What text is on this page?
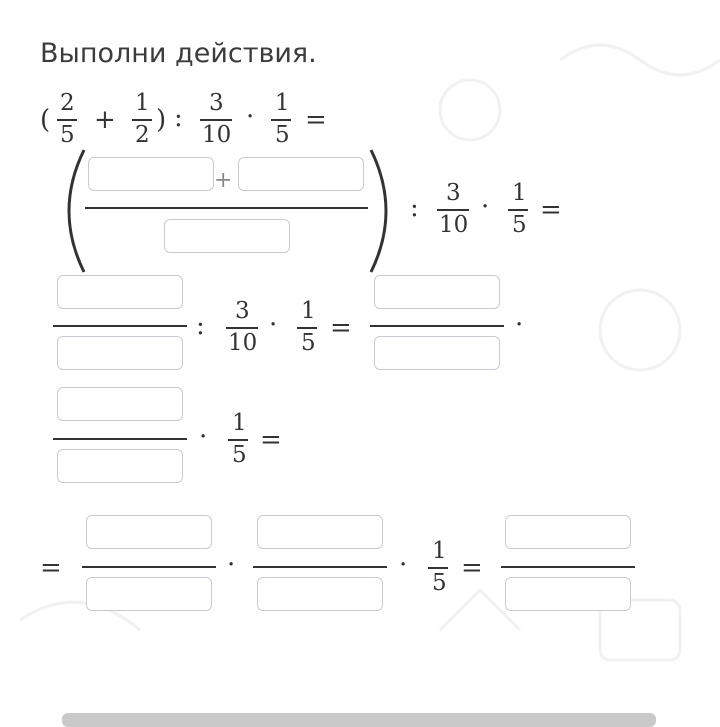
Выполни действия.
(
2
5 +
1
2 ) : 3
10
· 1
5 =
+
: 3
10
· 1
5 =
: 3
10
· 1
5 =	·
· 1
5 =
=	·	· 1
5 =
